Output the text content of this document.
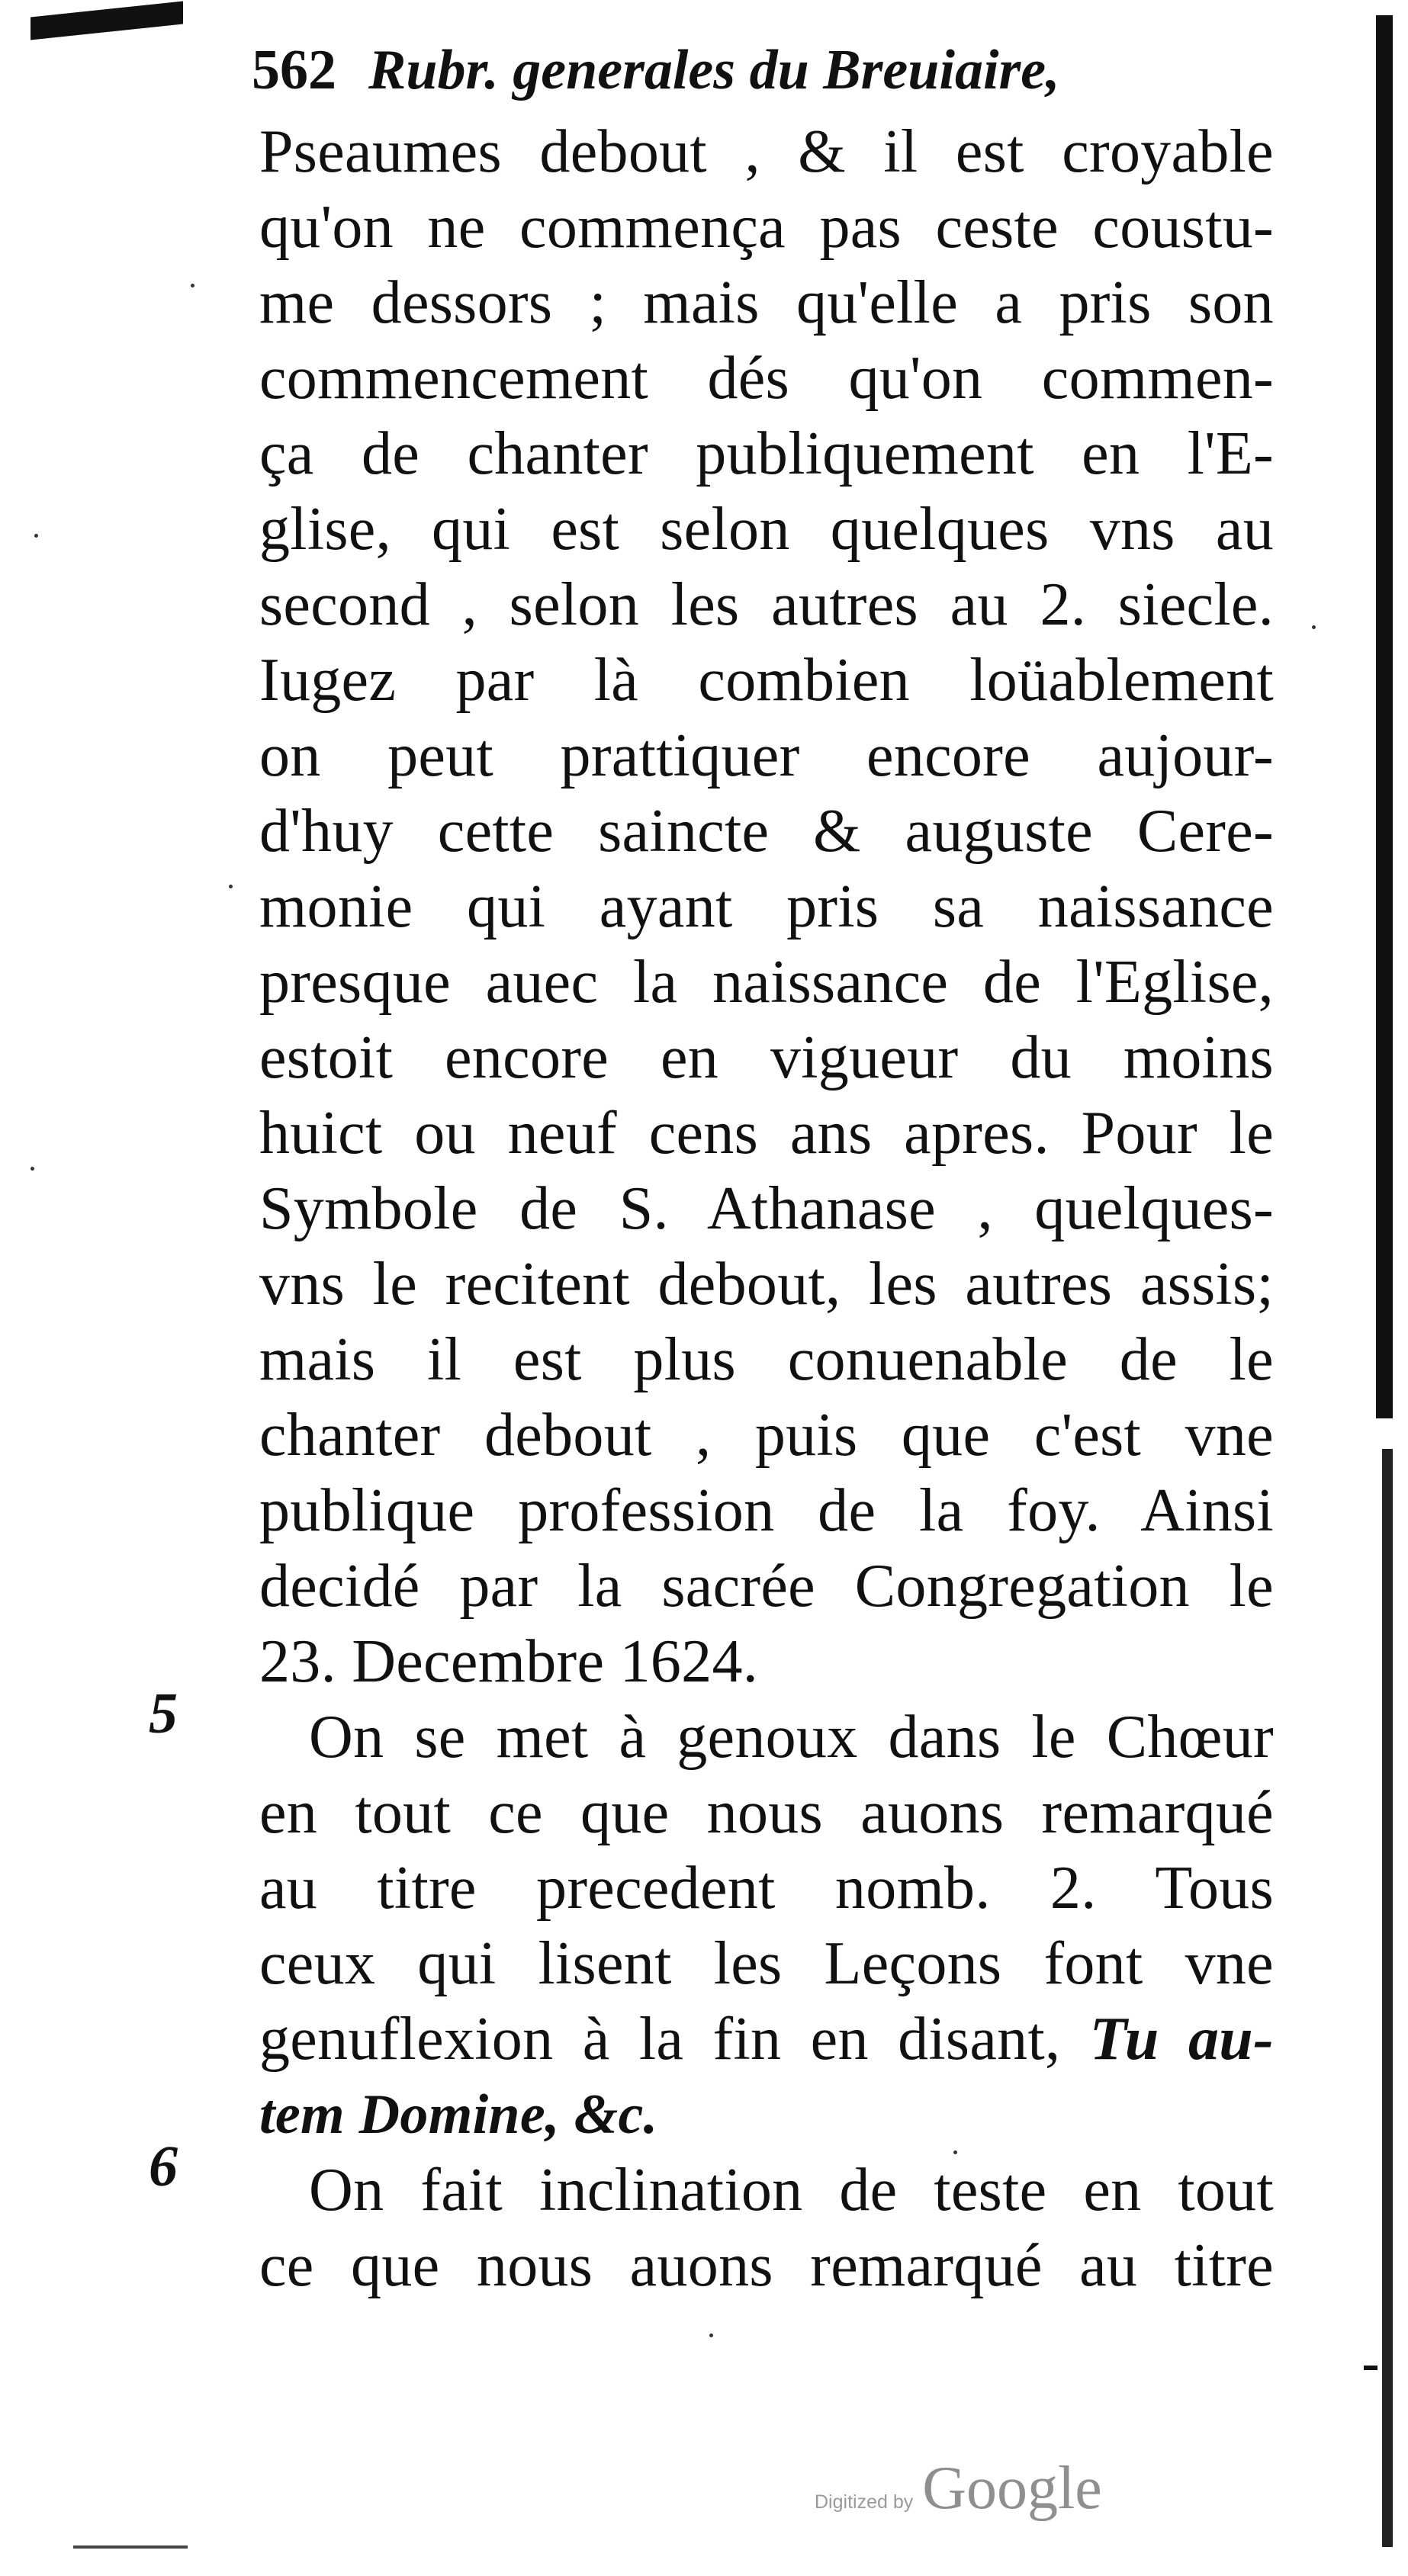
562 Rubr. generales du Breuiaire,
5
6
Pseaumes debout , & il est croyable
qu'on ne commença pas ceste coustu-
me dessors ; mais qu'elle a pris son
commencement dés qu'on commen-
ça de chanter publiquement en l'E-
glise, qui est selon quelques vns au
second , selon les autres au 2. siecle.
Iugez par là combien loüablement
on peut prattiquer encore aujour-
d'huy cette saincte & auguste Cere-
monie qui ayant pris sa naissance
presque auec la naissance de l'Eglise,
estoit encore en vigueur du moins
huict ou neuf cens ans apres. Pour le
Symbole de S. Athanase , quelques-
vns le recitent debout, les autres assis;
mais il est plus conuenable de le
chanter debout , puis que c'est vne
publique profession de la foy. Ainsi
decidé par la sacrée Congregation le
23. Decembre 1624.
On se met à genoux dans le Chœur
en tout ce que nous auons remarqué
au titre precedent nomb. 2. Tous
ceux qui lisent les Leçons font vne
genuflexion à la fin en disant, Tu au-
tem Domine, &c.
On fait inclination de teste en tout
ce que nous auons remarqué au titre
Digitized by Google
